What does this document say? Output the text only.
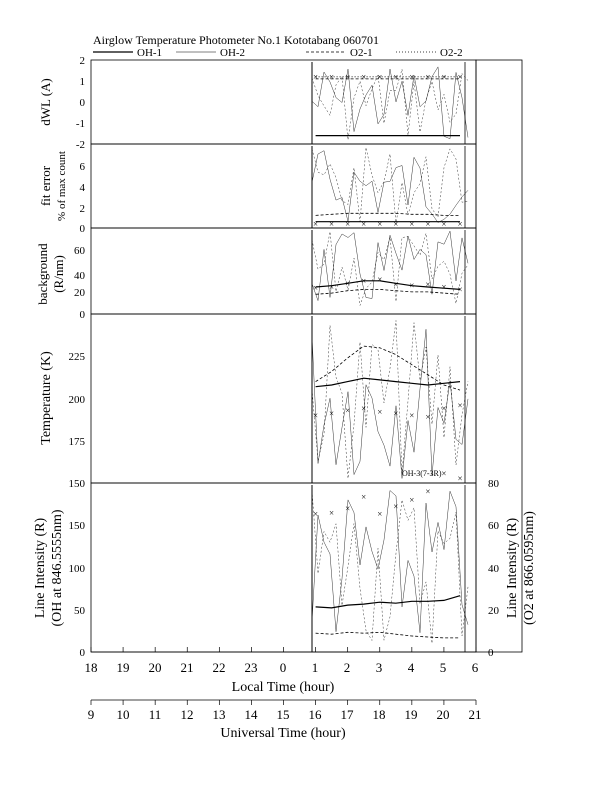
Airglow Temperature Photometer No.1 Kototabang 060701
OH-1	OH-2	O2-1	O2-2
2
1
0
-1
-2
dWL (A)
6
4
2
0
fit error % of max count
60
40
20
0
background (R/nm)
225
200
175
150
Temperature (K)
150
100
50
0
Line Intensity (R) (OH at 846.5555nm)
80
60
40
20
0
Line Intensity (R) (O2 at 866.0595nm)
18 19 20 21 22 23 0 1 2 3 4 5 6
Local Time (hour)
9 10 11 12 13 14 15 16 17 18 19 20 21
Universal Time (hour)
OH-3(7-3R)
× × × × × × × × × ×
× × × × × × × × × ×
× × × × × × × × × ×
× × × × × × × ×
× ×
× × ×
×
×
×
×
×
× ×
